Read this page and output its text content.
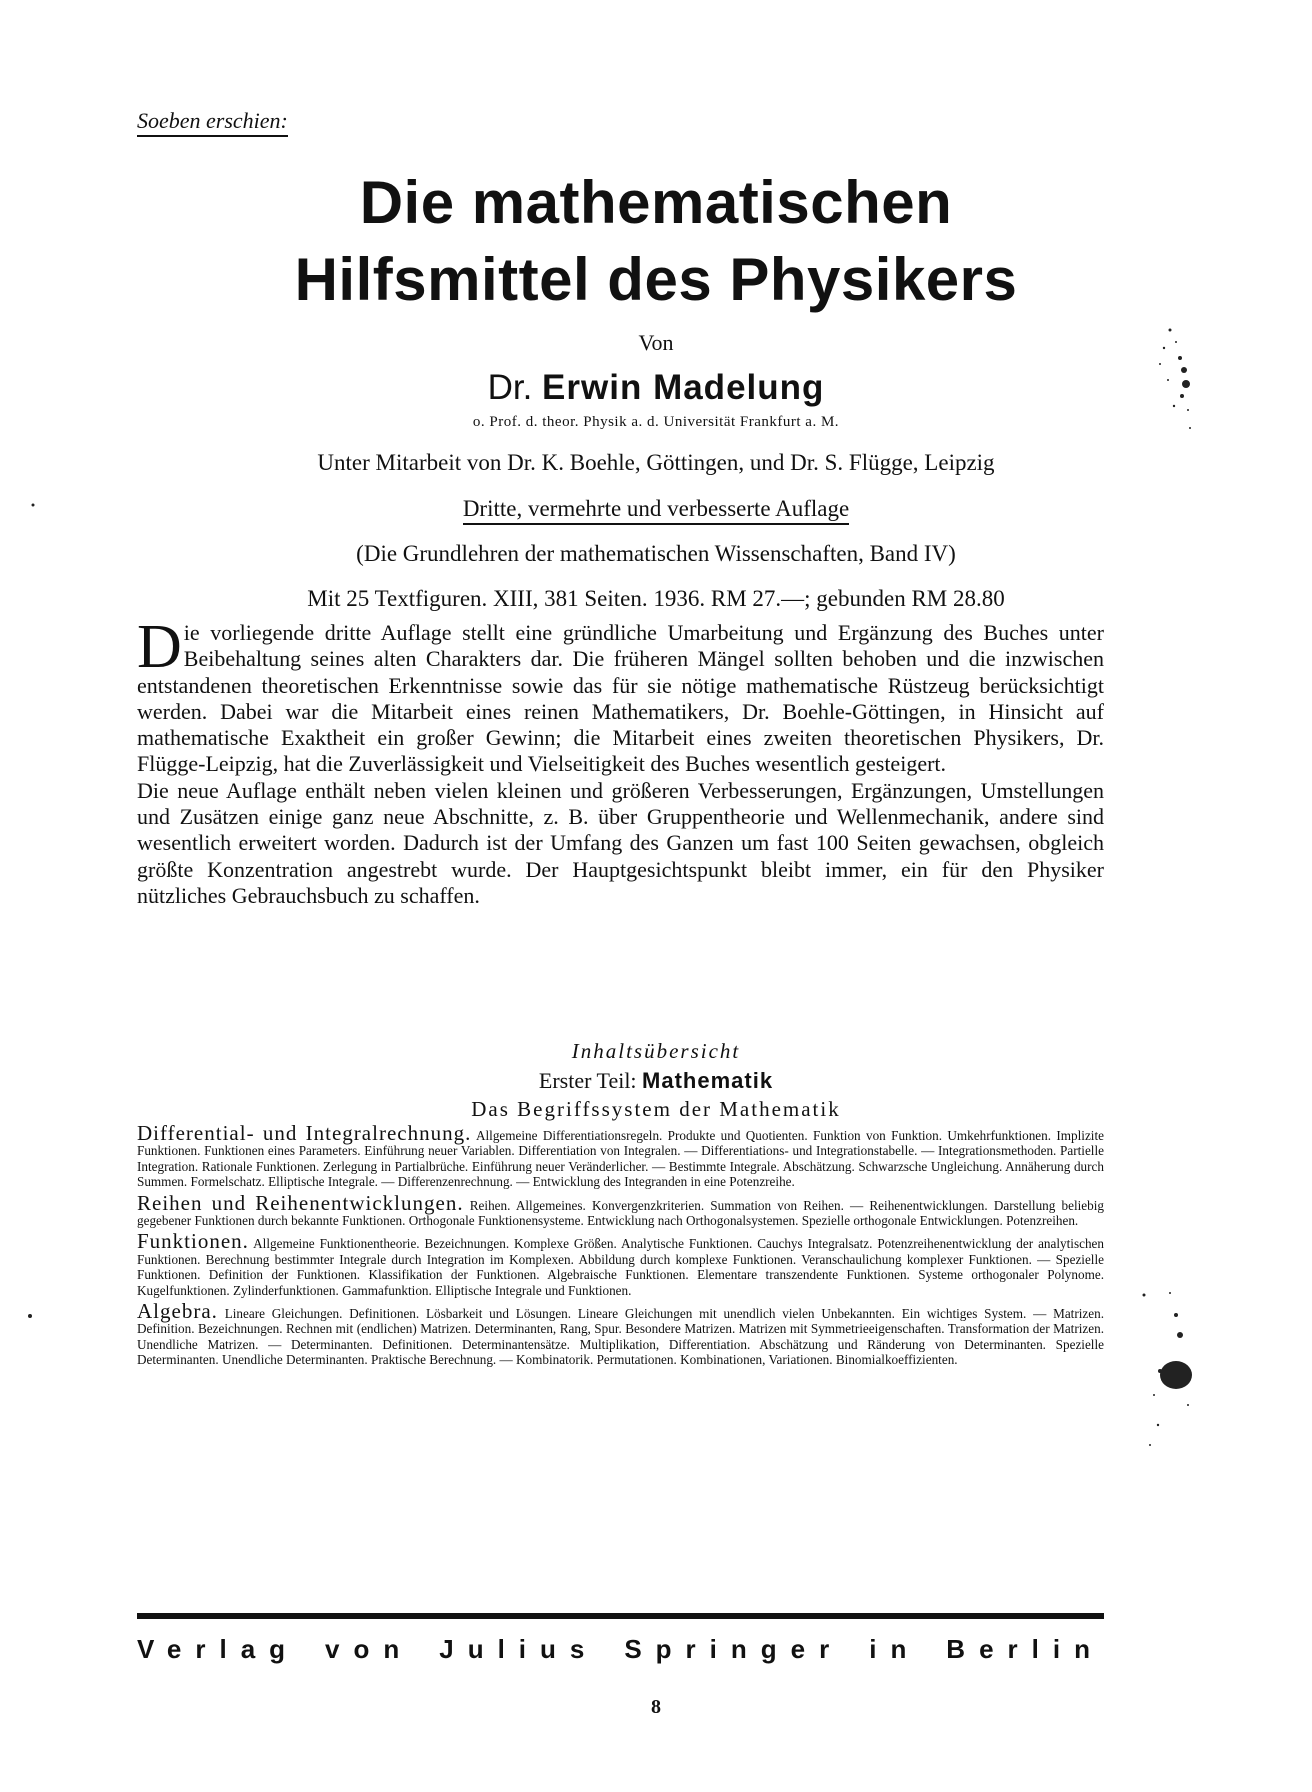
Soeben erschien:
Die mathematischen
Hilfsmittel des Physikers
Von
Dr. Erwin Madelung
o. Prof. d. theor. Physik a. d. Universität Frankfurt a. M.
Unter Mitarbeit von Dr. K. Boehle, Göttingen, und Dr. S. Flügge, Leipzig
Dritte, vermehrte und verbesserte Auflage
(Die Grundlehren der mathematischen Wissenschaften, Band IV)
Mit 25 Textfiguren. XIII, 381 Seiten. 1936. RM 27.—; gebunden RM 28.80

Die vorliegende dritte Auflage stellt eine gründliche Umarbeitung und Ergänzung des Buches unter Beibehaltung seines alten Charakters dar. Die früheren Mängel sollten behoben und die inzwischen entstandenen theoretischen Erkenntnisse sowie das für sie nötige mathematische Rüstzeug berücksichtigt werden. Dabei war die Mitarbeit eines reinen Mathematikers, Dr. Boehle-Göttingen, in Hinsicht auf mathematische Exaktheit ein großer Gewinn; die Mitarbeit eines zweiten theoretischen Physikers, Dr. Flügge-Leipzig, hat die Zuverlässigkeit und Vielseitigkeit des Buches wesentlich gesteigert.

Die neue Auflage enthält neben vielen kleinen und größeren Verbesserungen, Ergänzungen, Umstellungen und Zusätzen einige ganz neue Abschnitte, z. B. über Gruppentheorie und Wellenmechanik, andere sind wesentlich erweitert worden. Dadurch ist der Umfang des Ganzen um fast 100 Seiten gewachsen, obgleich größte Konzentration angestrebt wurde. Der Hauptgesichtspunkt bleibt immer, ein für den Physiker nützliches Gebrauchsbuch zu schaffen.

Inhaltsübersicht
Erster Teil: Mathematik
Das Begriffssystem der Mathematik

Differential- und Integralrechnung. Allgemeine Differentiationsregeln. Produkte und Quotienten. Funktion von Funktion. Umkehrfunktionen. Implizite Funktionen. Funktionen eines Parameters. Einführung neuer Variablen. Differentiation von Integralen. — Differentiations- und Integrationstabelle. — Integrationsmethoden. Partielle Integration. Rationale Funktionen. Zerlegung in Partialbrüche. Einführung neuer Veränderlicher. — Bestimmte Integrale. Abschätzung. Schwarzsche Ungleichung. Annäherung durch Summen. Formelschatz. Elliptische Integrale. — Differenzenrechnung. — Entwicklung des Integranden in eine Potenzreihe.

Reihen und Reihenentwicklungen. Reihen. Allgemeines. Konvergenzkriterien. Summation von Reihen. — Reihenentwicklungen. Darstellung beliebig gegebener Funktionen durch bekannte Funktionen. Orthogonale Funktionensysteme. Entwicklung nach Orthogonalsystemen. Spezielle orthogonale Entwicklungen. Potenzreihen.

Funktionen. Allgemeine Funktionentheorie. Bezeichnungen. Komplexe Größen. Analytische Funktionen. Cauchys Integralsatz. Potenzreihenentwicklung der analytischen Funktionen. Berechnung bestimmter Integrale durch Integration im Komplexen. Abbildung durch komplexe Funktionen. Veranschaulichung komplexer Funktionen. — Spezielle Funktionen. Definition der Funktionen. Klassifikation der Funktionen. Algebraische Funktionen. Elementare transzendente Funktionen. Systeme orthogonaler Polynome. Kugelfunktionen. Zylinderfunktionen. Gammafunktion. Elliptische Integrale und Funktionen.

Algebra. Lineare Gleichungen. Definitionen. Lösbarkeit und Lösungen. Lineare Gleichungen mit unendlich vielen Unbekannten. Ein wichtiges System. — Matrizen. Definition. Bezeichnungen. Rechnen mit (endlichen) Matrizen. Determinanten, Rang, Spur. Besondere Matrizen. Matrizen mit Symmetrieeigenschaften. Transformation der Matrizen. Unendliche Matrizen. — Determinanten. Definitionen. Determinantensätze. Multiplikation, Differentiation. Abschätzung und Ränderung von Determinanten. Spezielle Determinanten. Unendliche Determinanten. Praktische Berechnung. — Kombinatorik. Permutationen. Kombinationen, Variationen. Binomialkoeffizienten.

Verlag von Julius Springer in Berlin
8
